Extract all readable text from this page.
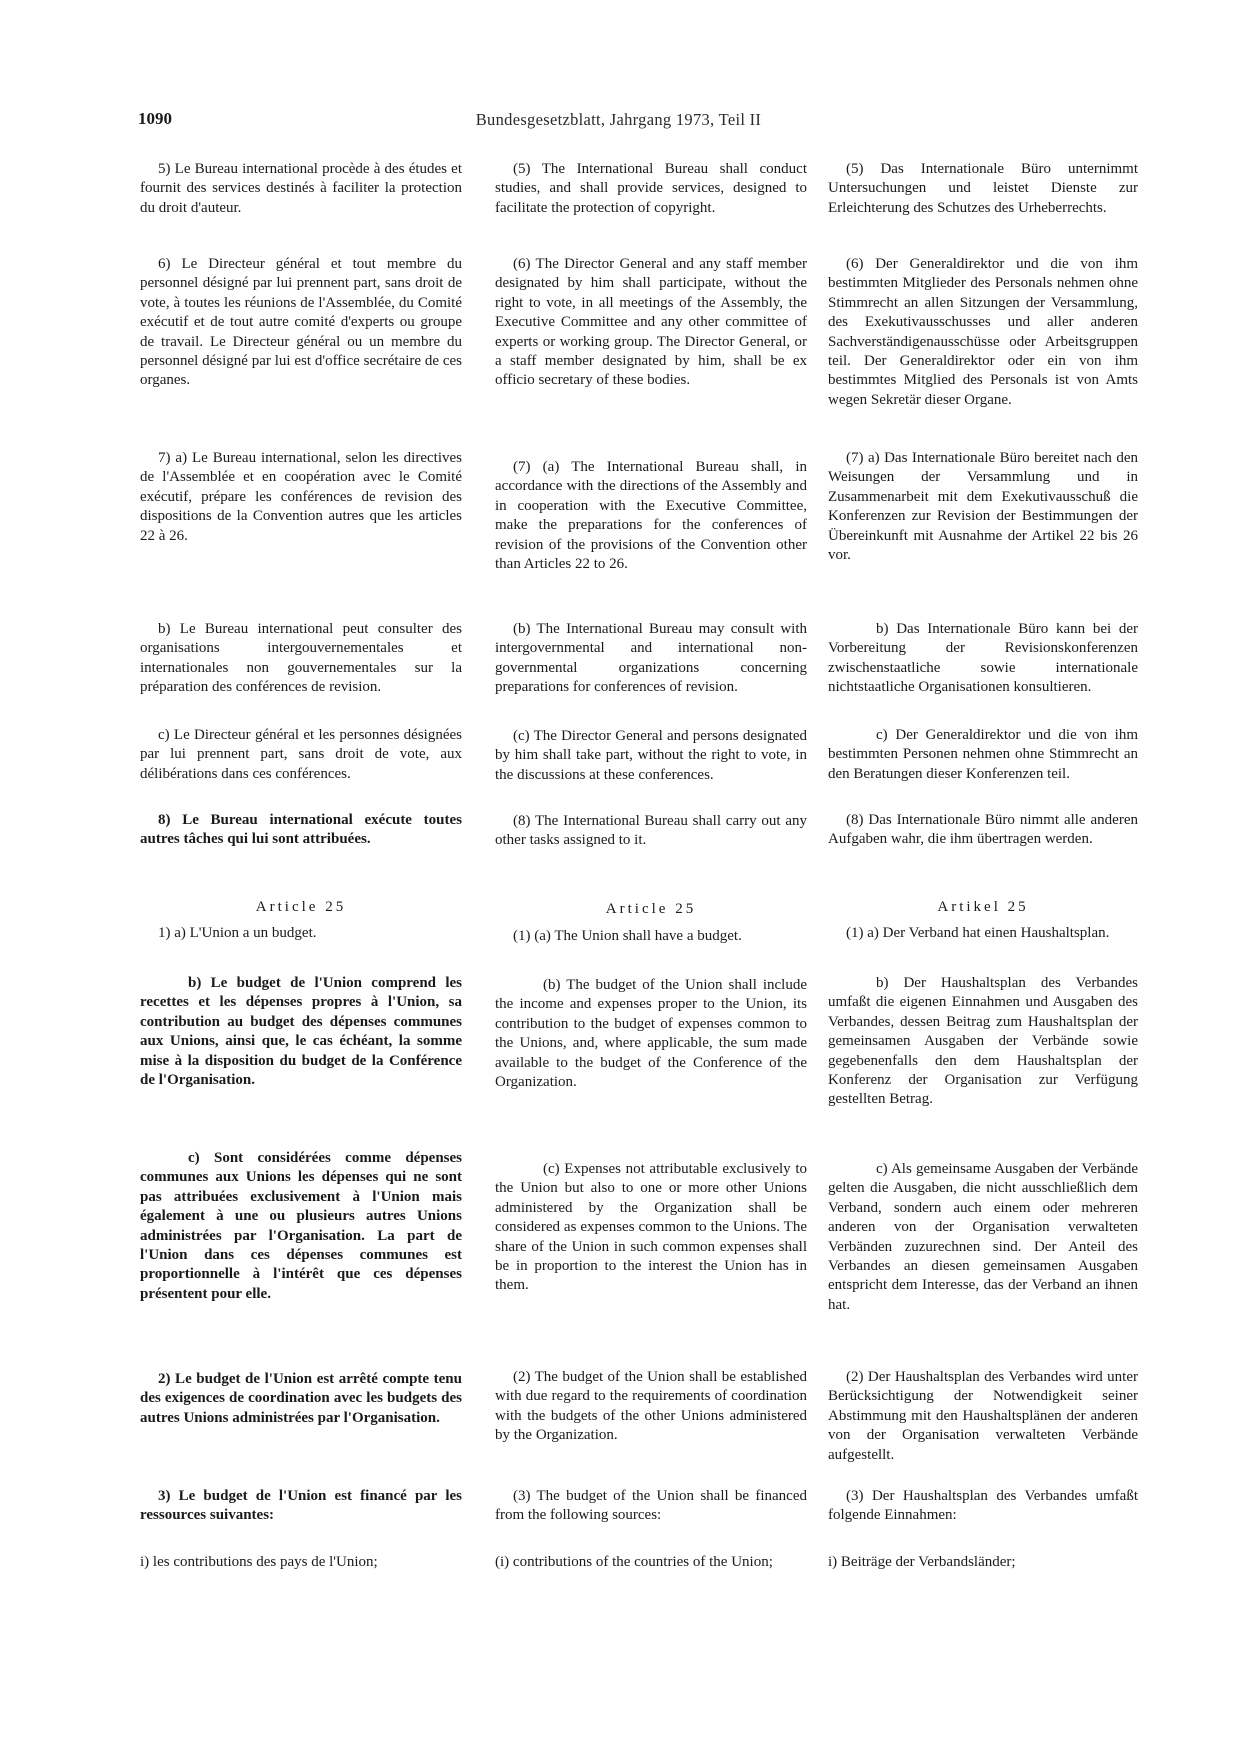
1090	Bundesgesetzblatt, Jahrgang 1973, Teil II
5) Le Bureau international procède à des études et fournit des services destinés à faciliter la protection du droit d'auteur.
6) Le Directeur général et tout membre du personnel désigné par lui prennent part, sans droit de vote, à toutes les réunions de l'Assemblée, du Comité exécutif et de tout autre comité d'experts ou groupe de travail. Le Directeur général ou un membre du personnel désigné par lui est d'office secrétaire de ces organes.
7) a) Le Bureau international, selon les directives de l'Assemblée et en coopération avec le Comité exécutif, prépare les conférences de revision des dispositions de la Convention autres que les articles 22 à 26.
b) Le Bureau international peut consulter des organisations intergouvernementales et internationales non gouvernementales sur la préparation des conférences de revision.
c) Le Directeur général et les personnes désignées par lui prennent part, sans droit de vote, aux délibérations dans ces conférences.
8) Le Bureau international exécute toutes autres tâches qui lui sont attribuées.
Article 25
1) a) L'Union a un budget.
b) Le budget de l'Union comprend les recettes et les dépenses propres à l'Union, sa contribution au budget des dépenses communes aux Unions, ainsi que, le cas échéant, la somme mise à la disposition du budget de la Conférence de l'Organisation.
c) Sont considérées comme dépenses communes aux Unions les dépenses qui ne sont pas attribuées exclusivement à l'Union mais également à une ou plusieurs autres Unions administrées par l'Organisation. La part de l'Union dans ces dépenses communes est proportionnelle à l'intérêt que ces dépenses présentent pour elle.
2) Le budget de l'Union est arrêté compte tenu des exigences de coordination avec les budgets des autres Unions administrées par l'Organisation.
3) Le budget de l'Union est financé par les ressources suivantes:
i) les contributions des pays de l'Union;
(5) The International Bureau shall conduct studies, and shall provide services, designed to facilitate the protection of copyright.
(6) The Director General and any staff member designated by him shall participate, without the right to vote, in all meetings of the Assembly, the Executive Committee and any other committee of experts or working group. The Director General, or a staff member designated by him, shall be ex officio secretary of these bodies.
(7) (a) The International Bureau shall, in accordance with the directions of the Assembly and in cooperation with the Executive Committee, make the preparations for the conferences of revision of the provisions of the Convention other than Articles 22 to 26.
(b) The International Bureau may consult with intergovernmental and international non-governmental organizations concerning preparations for conferences of revision.
(c) The Director General and persons designated by him shall take part, without the right to vote, in the discussions at these conferences.
(8) The International Bureau shall carry out any other tasks assigned to it.
Article 25
(1) (a) The Union shall have a budget.
(b) The budget of the Union shall include the income and expenses proper to the Union, its contribution to the budget of expenses common to the Unions, and, where applicable, the sum made available to the budget of the Conference of the Organization.
(c) Expenses not attributable exclusively to the Union but also to one or more other Unions administered by the Organization shall be considered as expenses common to the Unions. The share of the Union in such common expenses shall be in proportion to the interest the Union has in them.
(2) The budget of the Union shall be established with due regard to the requirements of coordination with the budgets of the other Unions administered by the Organization.
(3) The budget of the Union shall be financed from the following sources:
(i) contributions of the countries of the Union;
(5) Das Internationale Büro unternimmt Untersuchungen und leistet Dienste zur Erleichterung des Schutzes des Urheberrechts.
(6) Der Generaldirektor und die von ihm bestimmten Mitglieder des Personals nehmen ohne Stimmrecht an allen Sitzungen der Versammlung, des Exekutivausschusses und aller anderen Sachverständigenausschüsse oder Arbeitsgruppen teil. Der Generaldirektor oder ein von ihm bestimmtes Mitglied des Personals ist von Amts wegen Sekretär dieser Organe.
(7) a) Das Internationale Büro bereitet nach den Weisungen der Versammlung und in Zusammenarbeit mit dem Exekutivausschuß die Konferenzen zur Revision der Bestimmungen der Übereinkunft mit Ausnahme der Artikel 22 bis 26 vor.
b) Das Internationale Büro kann bei der Vorbereitung der Revisionskonferenzen zwischenstaatliche sowie internationale nichtstaatliche Organisationen konsultieren.
c) Der Generaldirektor und die von ihm bestimmten Personen nehmen ohne Stimmrecht an den Beratungen dieser Konferenzen teil.
(8) Das Internationale Büro nimmt alle anderen Aufgaben wahr, die ihm übertragen werden.
Artikel 25
(1) a) Der Verband hat einen Haushaltsplan.
b) Der Haushaltsplan des Verbandes umfaßt die eigenen Einnahmen und Ausgaben des Verbandes, dessen Beitrag zum Haushaltsplan der gemeinsamen Ausgaben der Verbände sowie gegebenenfalls den dem Haushaltsplan der Konferenz der Organisation zur Verfügung gestellten Betrag.
c) Als gemeinsame Ausgaben der Verbände gelten die Ausgaben, die nicht ausschließlich dem Verband, sondern auch einem oder mehreren anderen von der Organisation verwalteten Verbänden zuzurechnen sind. Der Anteil des Verbandes an diesen gemeinsamen Ausgaben entspricht dem Interesse, das der Verband an ihnen hat.
(2) Der Haushaltsplan des Verbandes wird unter Berücksichtigung der Notwendigkeit seiner Abstimmung mit den Haushaltsplänen der anderen von der Organisation verwalteten Verbände aufgestellt.
(3) Der Haushaltsplan des Verbandes umfaßt folgende Einnahmen:
i) Beiträge der Verbandsländer;
